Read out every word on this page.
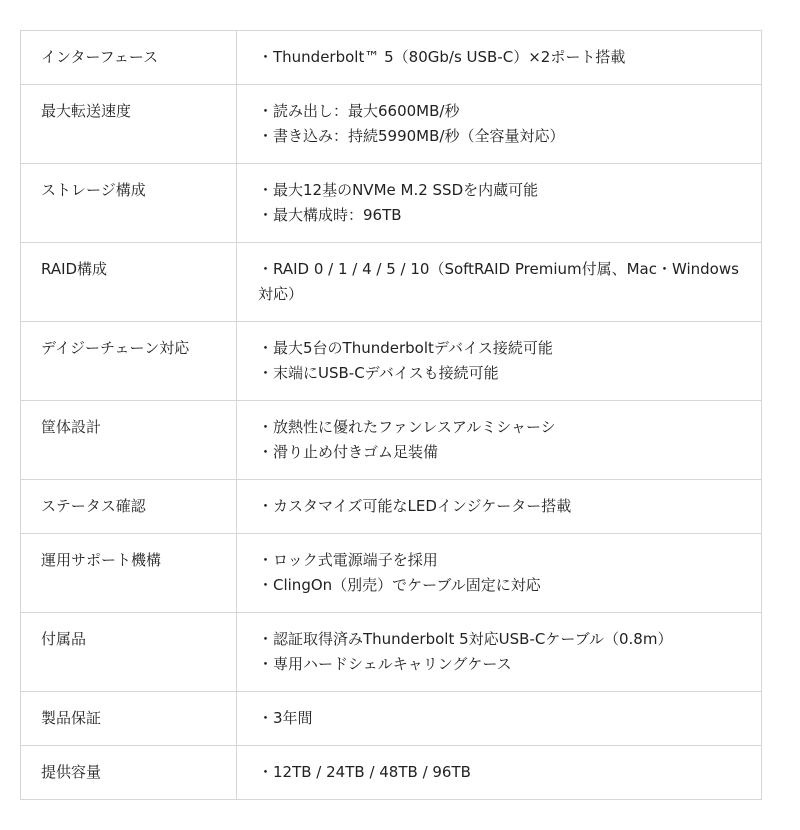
インターフェース	・Thunderbolt™ 5（80Gb/s USB-C）×2ポート搭載

最大転送速度	・読み出し：最大6600MB/秒
・書き込み：持続5990MB/秒（全容量対応）

ストレージ構成	・最大12基のNVMe M.2 SSDを内蔵可能
・最大構成時：96TB

RAID構成	・RAID 0 / 1 / 4 / 5 / 10（SoftRAID Premium付属、Mac・Windows対応）

デイジーチェーン対応	・最大5台のThunderboltデバイス接続可能
・末端にUSB-Cデバイスも接続可能

筐体設計	・放熱性に優れたファンレスアルミシャーシ
・滑り止め付きゴム足装備

ステータス確認	・カスタマイズ可能なLEDインジケーター搭載

運用サポート機構	・ロック式電源端子を採用
・ClingOn（別売）でケーブル固定に対応

付属品	・認証取得済みThunderbolt 5対応USB-Cケーブル（0.8m）
・専用ハードシェルキャリングケース

製品保証	・3年間

提供容量	・12TB / 24TB / 48TB / 96TB
